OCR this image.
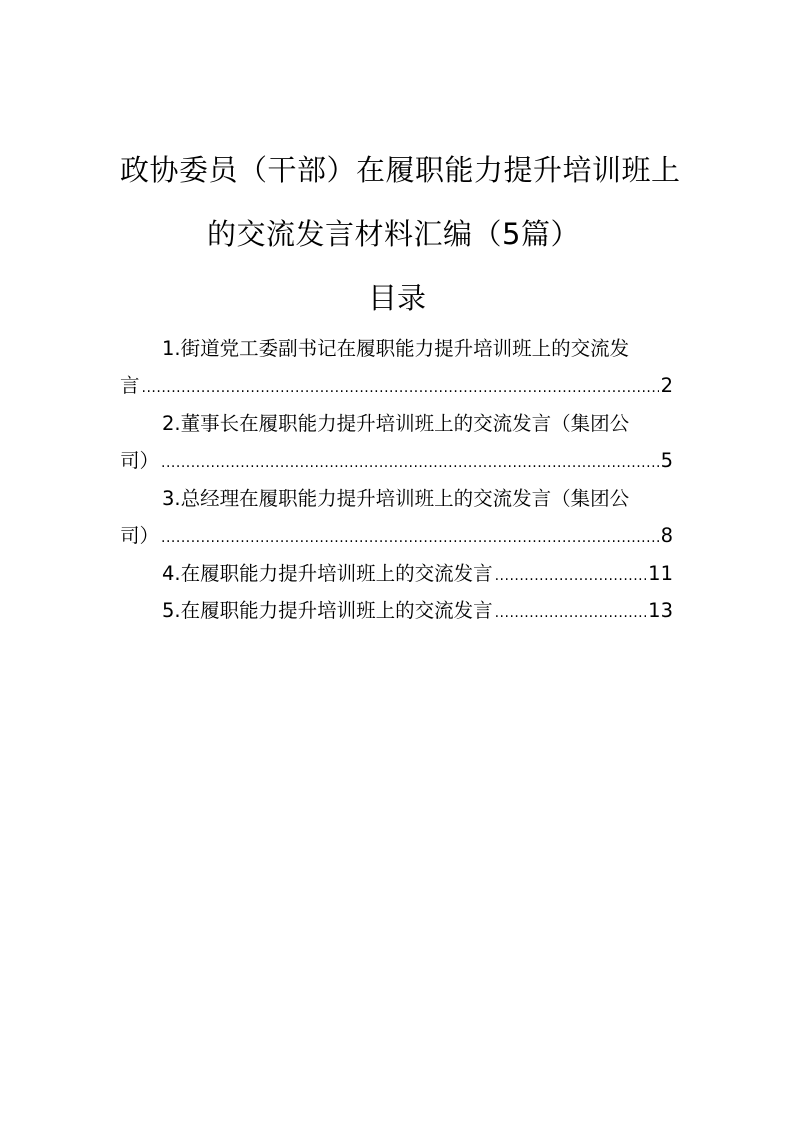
政协委员（干部）在履职能力提升培训班上
的交流发言材料汇编（5篇）
目录
1.街道党工委副书记在履职能力提升培训班上的交流发
言 .....	2
2.董事长在履职能力提升培训班上的交流发言（集团公
司） .....	5
3.总经理在履职能力提升培训班上的交流发言（集团公
司） .....	8
4.在履职能力提升培训班上的交流发言 .....	11
5.在履职能力提升培训班上的交流发言 .....	13
